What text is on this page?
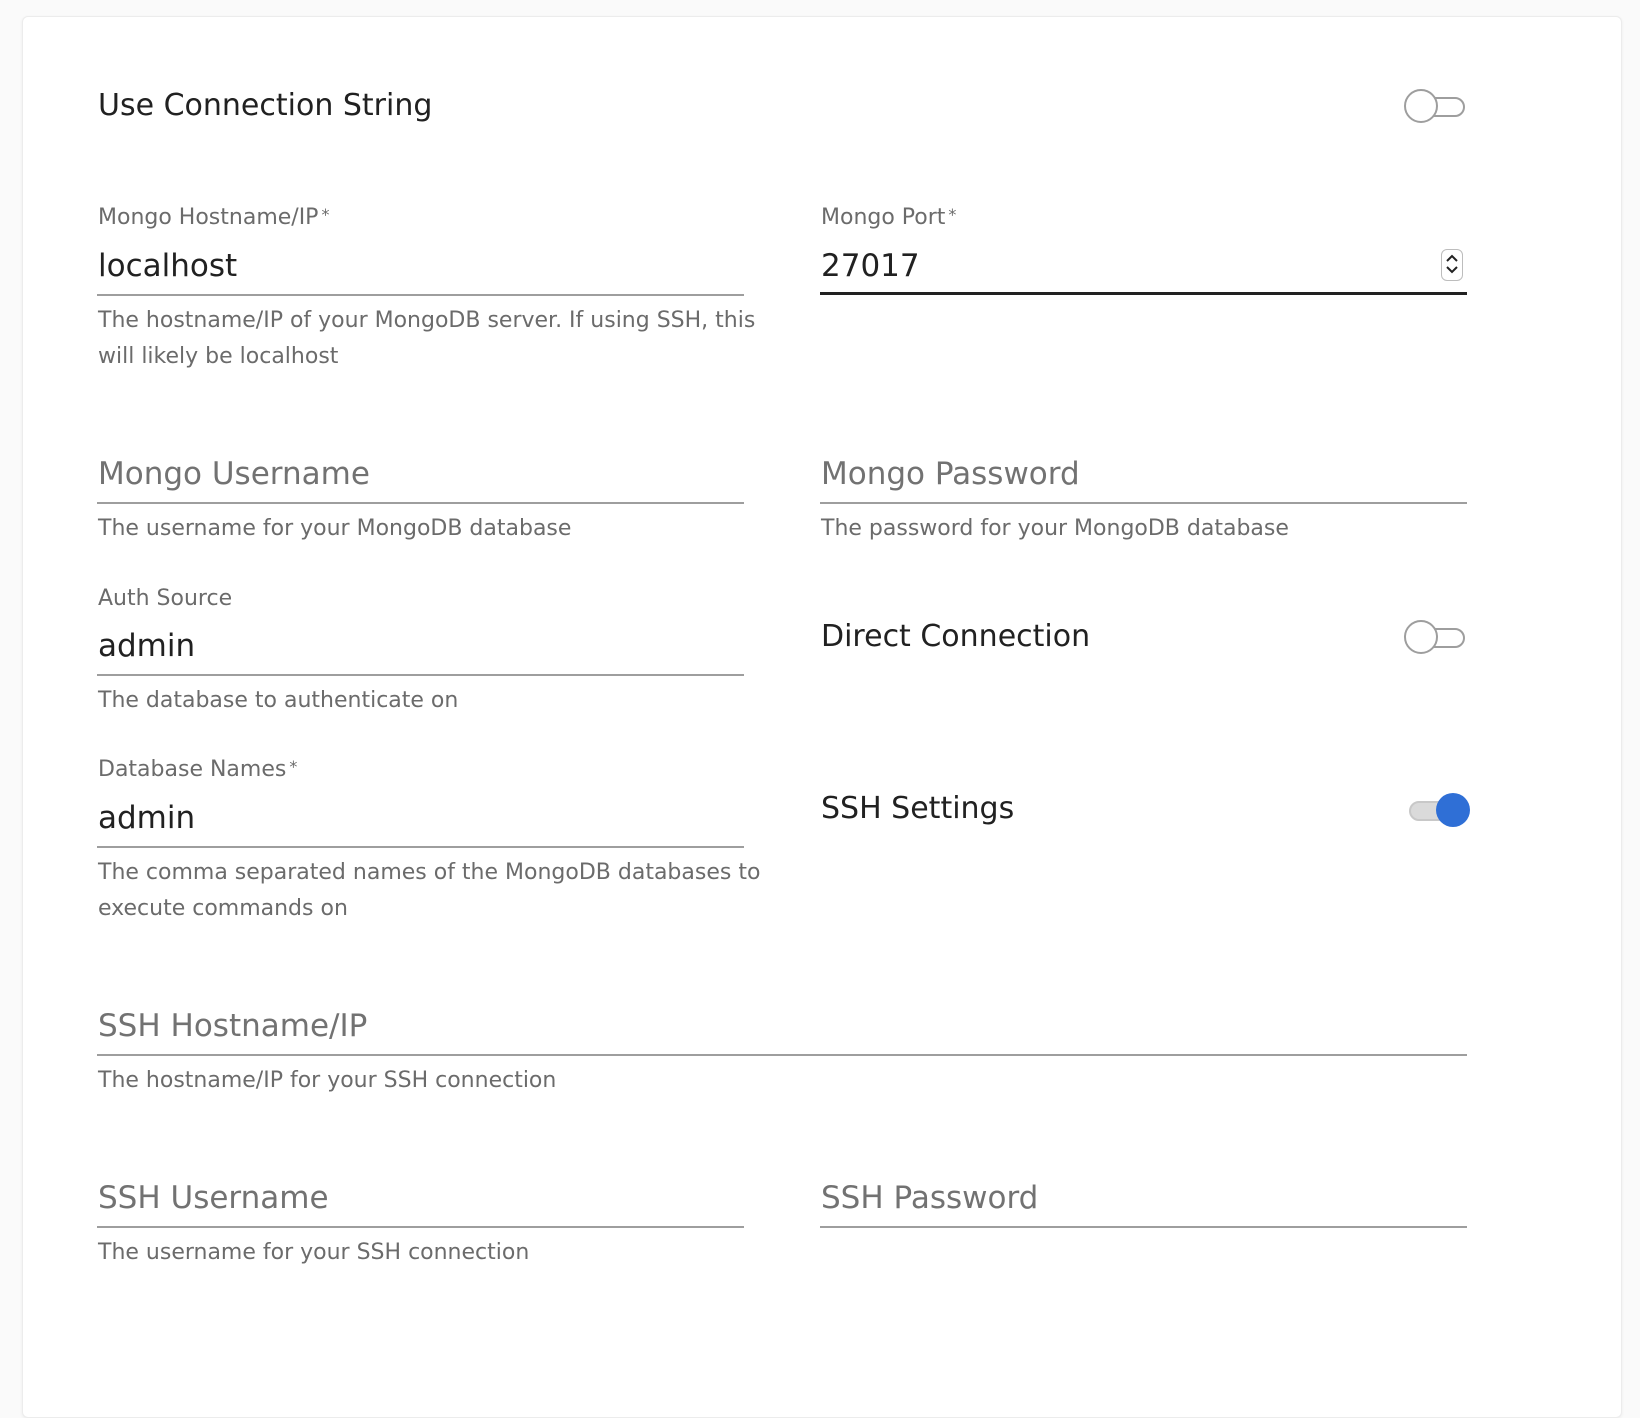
Use Connection String
Mongo Hostname/IP *
localhost
The hostname/IP of your MongoDB server. If using SSH, this
will likely be localhost
Mongo Port *
27017
Mongo Username
The username for your MongoDB database
Mongo Password
The password for your MongoDB database
Auth Source
admin
The database to authenticate on
Direct Connection
Database Names *
admin
The comma separated names of the MongoDB databases to
execute commands on
SSH Settings
SSH Hostname/IP
The hostname/IP for your SSH connection
SSH Username
The username for your SSH connection
SSH Password
